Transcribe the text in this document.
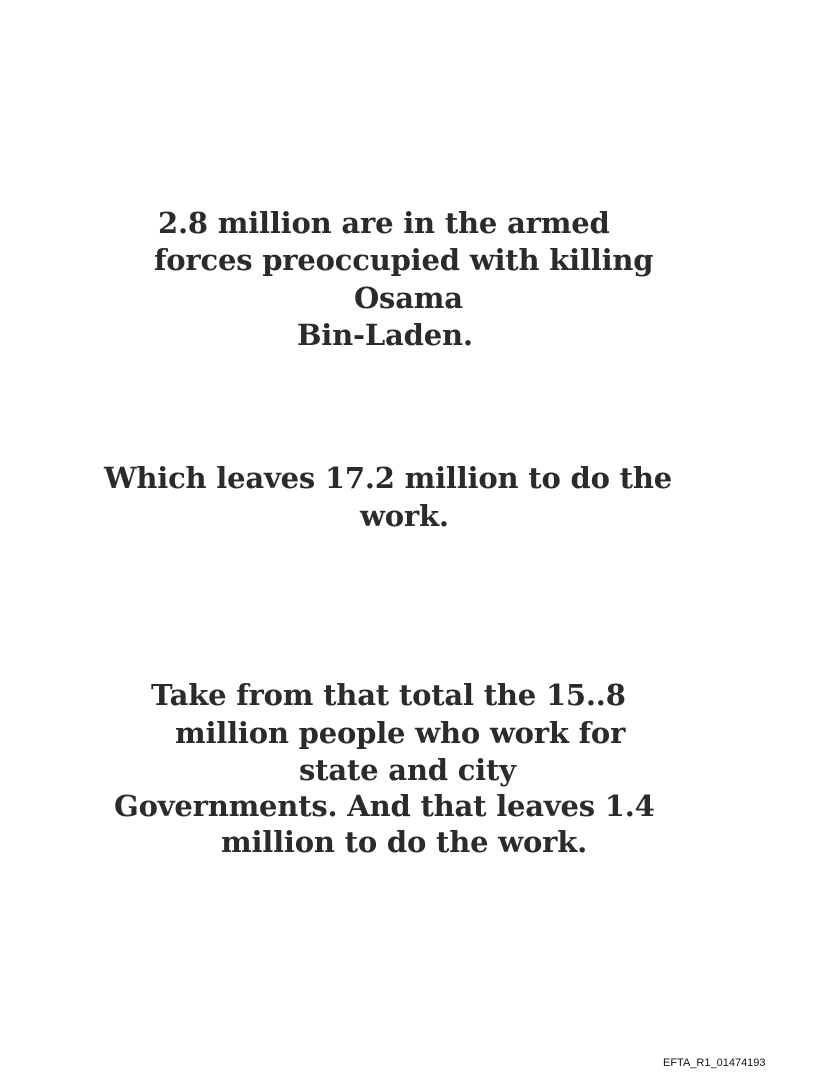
2.8 million are in the armed
forces preoccupied with killing
Osama
Bin-Laden.
Which leaves 17.2 million to do the
work.
Take from that total the 15..8
million people who work for
state and city
Governments. And that leaves 1.4
million to do the work.
EFTA_R1_01474193
